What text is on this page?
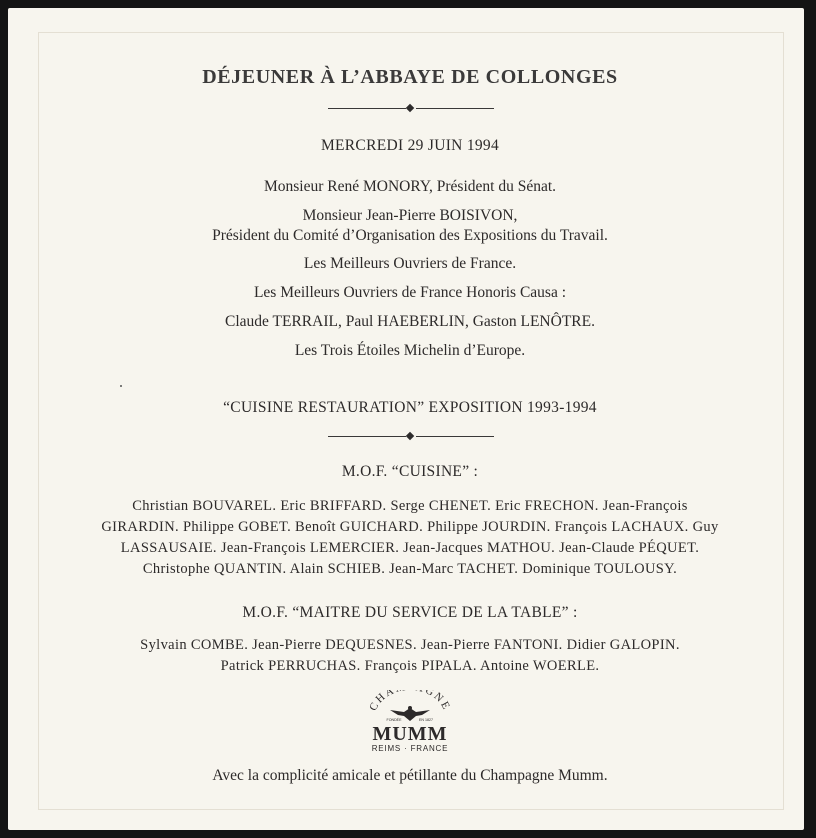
DÉJEUNER À L’ABBAYE DE COLLONGES
MERCREDI 29 JUIN 1994
Monsieur René MONORY, Président du Sénat.
Monsieur Jean-Pierre BOISIVON,
Président du Comité d’Organisation des Expositions du Travail.
Les Meilleurs Ouvriers de France.
Les Meilleurs Ouvriers de France Honoris Causa :
Claude TERRAIL, Paul HAEBERLIN, Gaston LENÔTRE.
Les Trois Étoiles Michelin d’Europe.
“CUISINE RESTAURATION” EXPOSITION 1993-1994
M.O.F. “CUISINE” :
Christian BOUVAREL. Eric BRIFFARD. Serge CHENET. Eric FRECHON. Jean-François
GIRARDIN. Philippe GOBET. Benoît GUICHARD. Philippe JOURDIN. François LACHAUX. Guy
LASSAUSAIE. Jean-François LEMERCIER. Jean-Jacques MATHOU. Jean-Claude PÉQUET.
Christophe QUANTIN. Alain SCHIEB. Jean-Marc TACHET. Dominique TOULOUSY.
M.O.F. “MAITRE DU SERVICE DE LA TABLE” :
Sylvain COMBE. Jean-Pierre DEQUESNES. Jean-Pierre FANTONI. Didier GALOPIN.
Patrick PERRUCHAS. François PIPALA. Antoine WOERLE.
CHA GNE
FONDÉE	EN 1827
MUMM
REIMS · FRANCE
Avec la complicité amicale et pétillante du Champagne Mumm.
